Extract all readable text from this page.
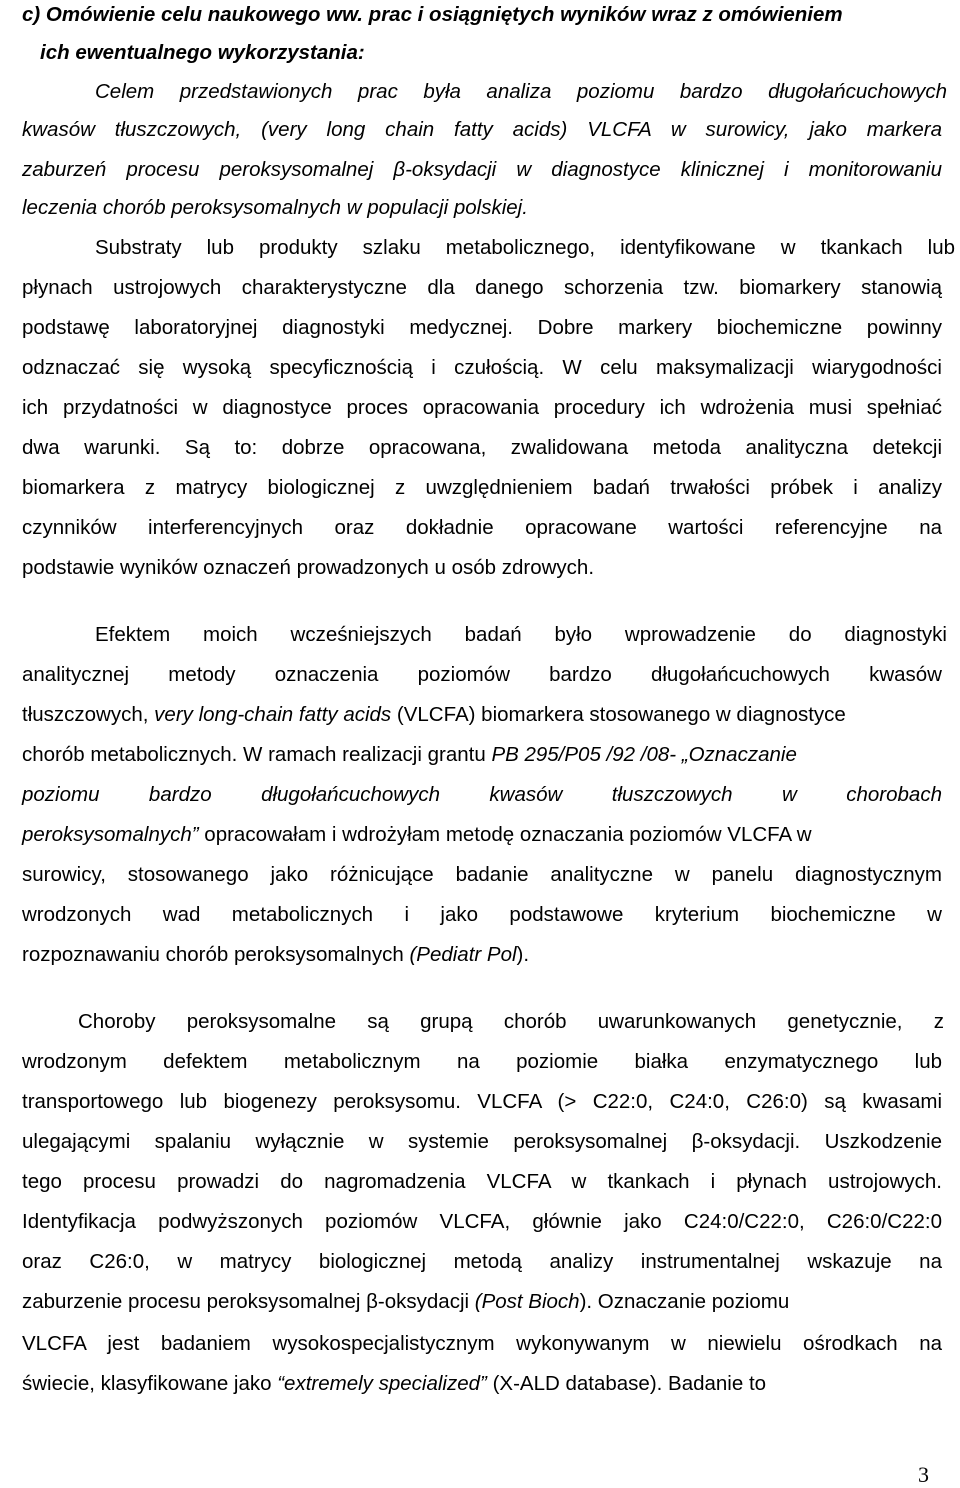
c) Omówienie celu naukowego ww. prac i osiągniętych wyników wraz z omówieniem
ich ewentualnego wykorzystania:
Celem przedstawionych prac była analiza poziomu bardzo długołańcuchowych
kwasów tłuszczowych, (very long chain fatty acids) VLCFA w surowicy, jako markera
zaburzeń procesu peroksysomalnej β-oksydacji w diagnostyce klinicznej i monitorowaniu
leczenia chorób peroksysomalnych w populacji polskiej.
Substraty lub produkty szlaku metabolicznego, identyfikowane w tkankach lub
płynach ustrojowych charakterystyczne dla danego schorzenia tzw. biomarkery stanowią
podstawę laboratoryjnej diagnostyki medycznej. Dobre markery biochemiczne powinny
odznaczać się wysoką specyficznością i czułością. W celu maksymalizacji wiarygodności
ich przydatności w diagnostyce proces opracowania procedury ich wdrożenia musi spełniać
dwa warunki. Są to: dobrze opracowana, zwalidowana metoda analityczna detekcji
biomarkera z matrycy biologicznej z uwzględnieniem badań trwałości próbek i analizy
czynników interferencyjnych oraz dokładnie opracowane wartości referencyjne na
podstawie wyników oznaczeń prowadzonych u osób zdrowych.
Efektem moich wcześniejszych badań było wprowadzenie do diagnostyki
analitycznej metody oznaczenia poziomów bardzo długołańcuchowych kwasów
tłuszczowych, very long-chain fatty acids (VLCFA) biomarkera stosowanego w diagnostyce
chorób metabolicznych. W ramach realizacji grantu PB 295/P05 /92 /08- „Oznaczanie
poziomu bardzo długołańcuchowych kwasów tłuszczowych w chorobach
peroksysomalnych” opracowałam i wdrożyłam metodę oznaczania poziomów VLCFA w
surowicy, stosowanego jako różnicujące badanie analityczne w panelu diagnostycznym
wrodzonych wad metabolicznych i jako podstawowe kryterium biochemiczne w
rozpoznawaniu chorób peroksysomalnych (Pediatr Pol).
Choroby peroksysomalne są grupą chorób uwarunkowanych genetycznie, z
wrodzonym defektem metabolicznym na poziomie białka enzymatycznego lub
transportowego lub biogenezy peroksysomu. VLCFA (> C22:0, C24:0, C26:0) są kwasami
ulegającymi spalaniu wyłącznie w systemie peroksysomalnej β-oksydacji. Uszkodzenie
tego procesu prowadzi do nagromadzenia VLCFA w tkankach i płynach ustrojowych.
Identyfikacja podwyższonych poziomów VLCFA, głównie jako C24:0/C22:0, C26:0/C22:0
oraz C26:0, w matrycy biologicznej metodą analizy instrumentalnej wskazuje na
zaburzenie procesu peroksysomalnej β-oksydacji (Post Bioch). Oznaczanie poziomu
VLCFA jest badaniem wysokospecjalistycznym wykonywanym w niewielu ośrodkach na
świecie, klasyfikowane jako “extremely specialized” (X-ALD database). Badanie to
3
